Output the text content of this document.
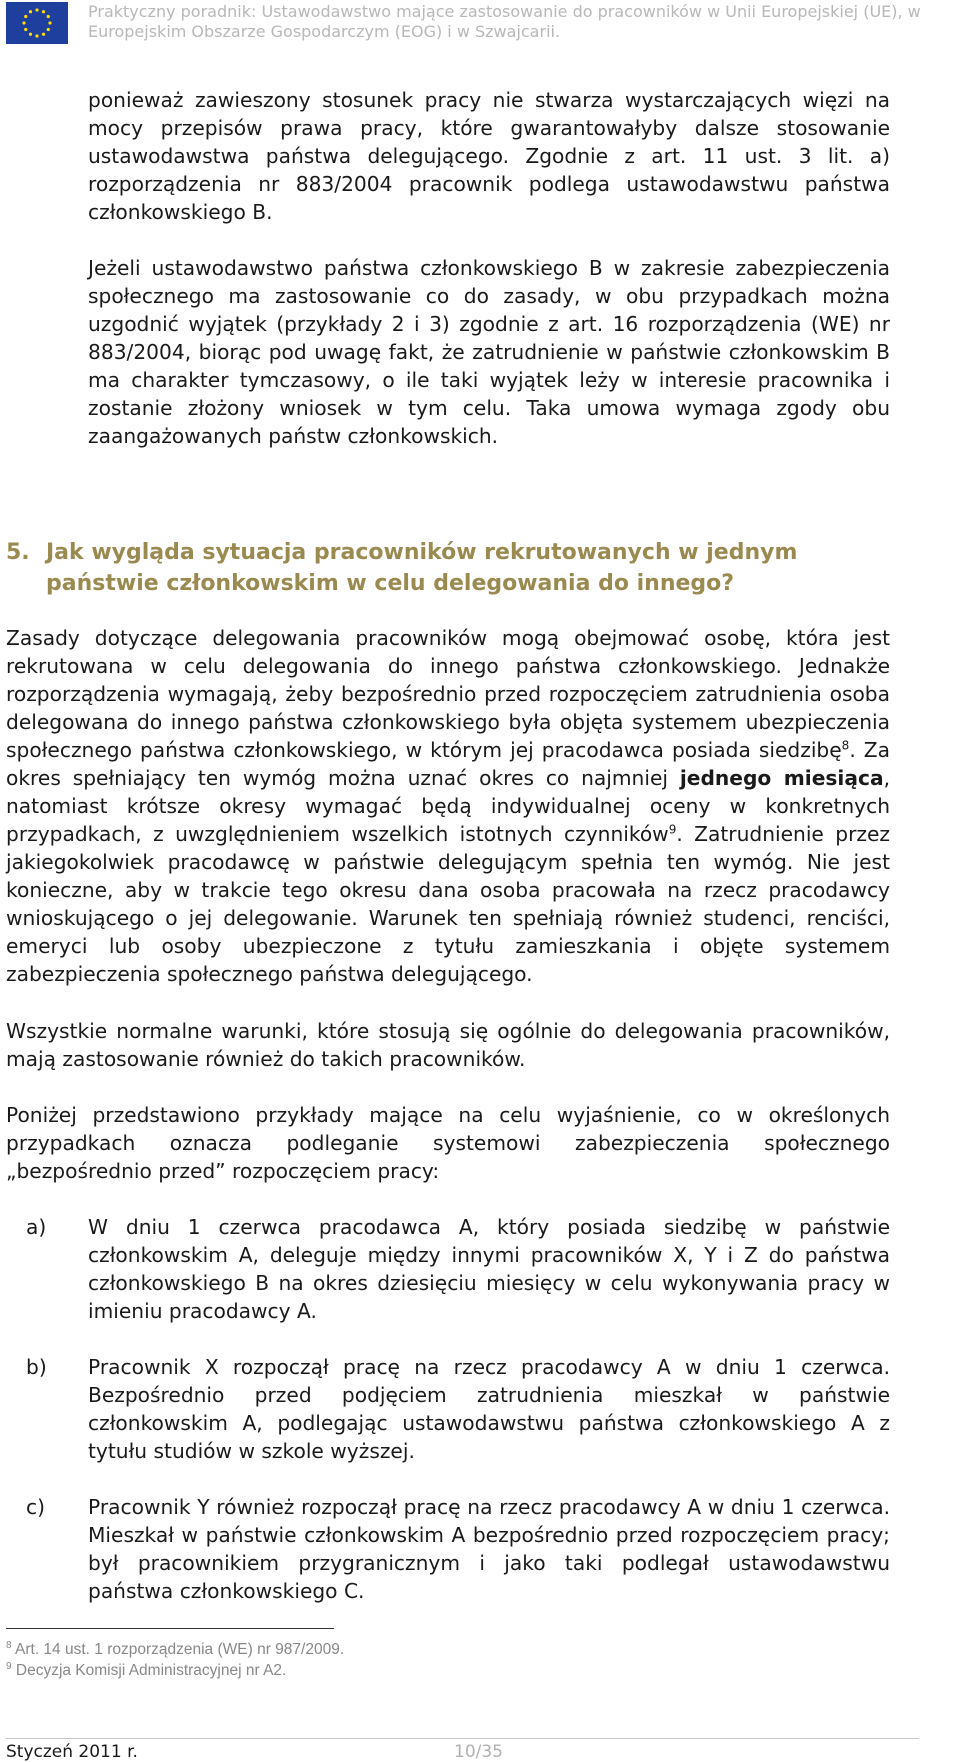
Praktyczny poradnik: Ustawodawstwo mające zastosowanie do pracowników w Unii Europejskiej (UE), w Europejskim Obszarze Gospodarczym (EOG) i w Szwajcarii.

ponieważ zawieszony stosunek pracy nie stwarza wystarczających więzi na mocy przepisów prawa pracy, które gwarantowałyby dalsze stosowanie ustawodawstwa państwa delegującego. Zgodnie z art. 11 ust. 3 lit. a) rozporządzenia nr 883/2004 pracownik podlega ustawodawstwu państwa członkowskiego B.

Jeżeli ustawodawstwo państwa członkowskiego B w zakresie zabezpieczenia społecznego ma zastosowanie co do zasady, w obu przypadkach można uzgodnić wyjątek (przykłady 2 i 3) zgodnie z art. 16 rozporządzenia (WE) nr 883/2004, biorąc pod uwagę fakt, że zatrudnienie w państwie członkowskim B ma charakter tymczasowy, o ile taki wyjątek leży w interesie pracownika i zostanie złożony wniosek w tym celu. Taka umowa wymaga zgody obu zaangażowanych państw członkowskich.

5. Jak wygląda sytuacja pracowników rekrutowanych w jednym państwie członkowskim w celu delegowania do innego?

Zasady dotyczące delegowania pracowników mogą obejmować osobę, która jest rekrutowana w celu delegowania do innego państwa członkowskiego. Jednakże rozporządzenia wymagają, żeby bezpośrednio przed rozpoczęciem zatrudnienia osoba delegowana do innego państwa członkowskiego była objęta systemem ubezpieczenia społecznego państwa członkowskiego, w którym jej pracodawca posiada siedzibę$^8$. Za okres spełniający ten wymóg można uznać okres co najmniej jednego miesiąca, natomiast krótsze okresy wymagać będą indywidualnej oceny w konkretnych przypadkach, z uwzględnieniem wszelkich istotnych czynników$^9$. Zatrudnienie przez jakiegokolwiek pracodawcę w państwie delegującym spełnia ten wymóg. Nie jest konieczne, aby w trakcie tego okresu dana osoba pracowała na rzecz pracodawcy wnioskującego o jej delegowanie. Warunek ten spełniają również studenci, renciści, emeryci lub osoby ubezpieczone z tytułu zamieszkania i objęte systemem zabezpieczenia społecznego państwa delegującego.

Wszystkie normalne warunki, które stosują się ogólnie do delegowania pracowników, mają zastosowanie również do takich pracowników.

Poniżej przedstawiono przykłady mające na celu wyjaśnienie, co w określonych przypadkach oznacza podleganie systemowi zabezpieczenia społecznego „bezpośrednio przed” rozpoczęciem pracy:

a) W dniu 1 czerwca pracodawca A, który posiada siedzibę w państwie członkowskim A, deleguje między innymi pracowników X, Y i Z do państwa członkowskiego B na okres dziesięciu miesięcy w celu wykonywania pracy w imieniu pracodawcy A.

b) Pracownik X rozpoczął pracę na rzecz pracodawcy A w dniu 1 czerwca. Bezpośrednio przed podjęciem zatrudnienia mieszkał w państwie członkowskim A, podlegając ustawodawstwu państwa członkowskiego A z tytułu studiów w szkole wyższej.

c) Pracownik Y również rozpoczął pracę na rzecz pracodawcy A w dniu 1 czerwca. Mieszkał w państwie członkowskim A bezpośrednio przed rozpoczęciem pracy; był pracownikiem przygranicznym i jako taki podlegał ustawodawstwu państwa członkowskiego C.

$^8$ Art. 14 ust. 1 rozporządzenia (WE) nr 987/2009.
$^9$ Decyzja Komisji Administracyjnej nr A2.
Styczeń 2011 r.	10/35
